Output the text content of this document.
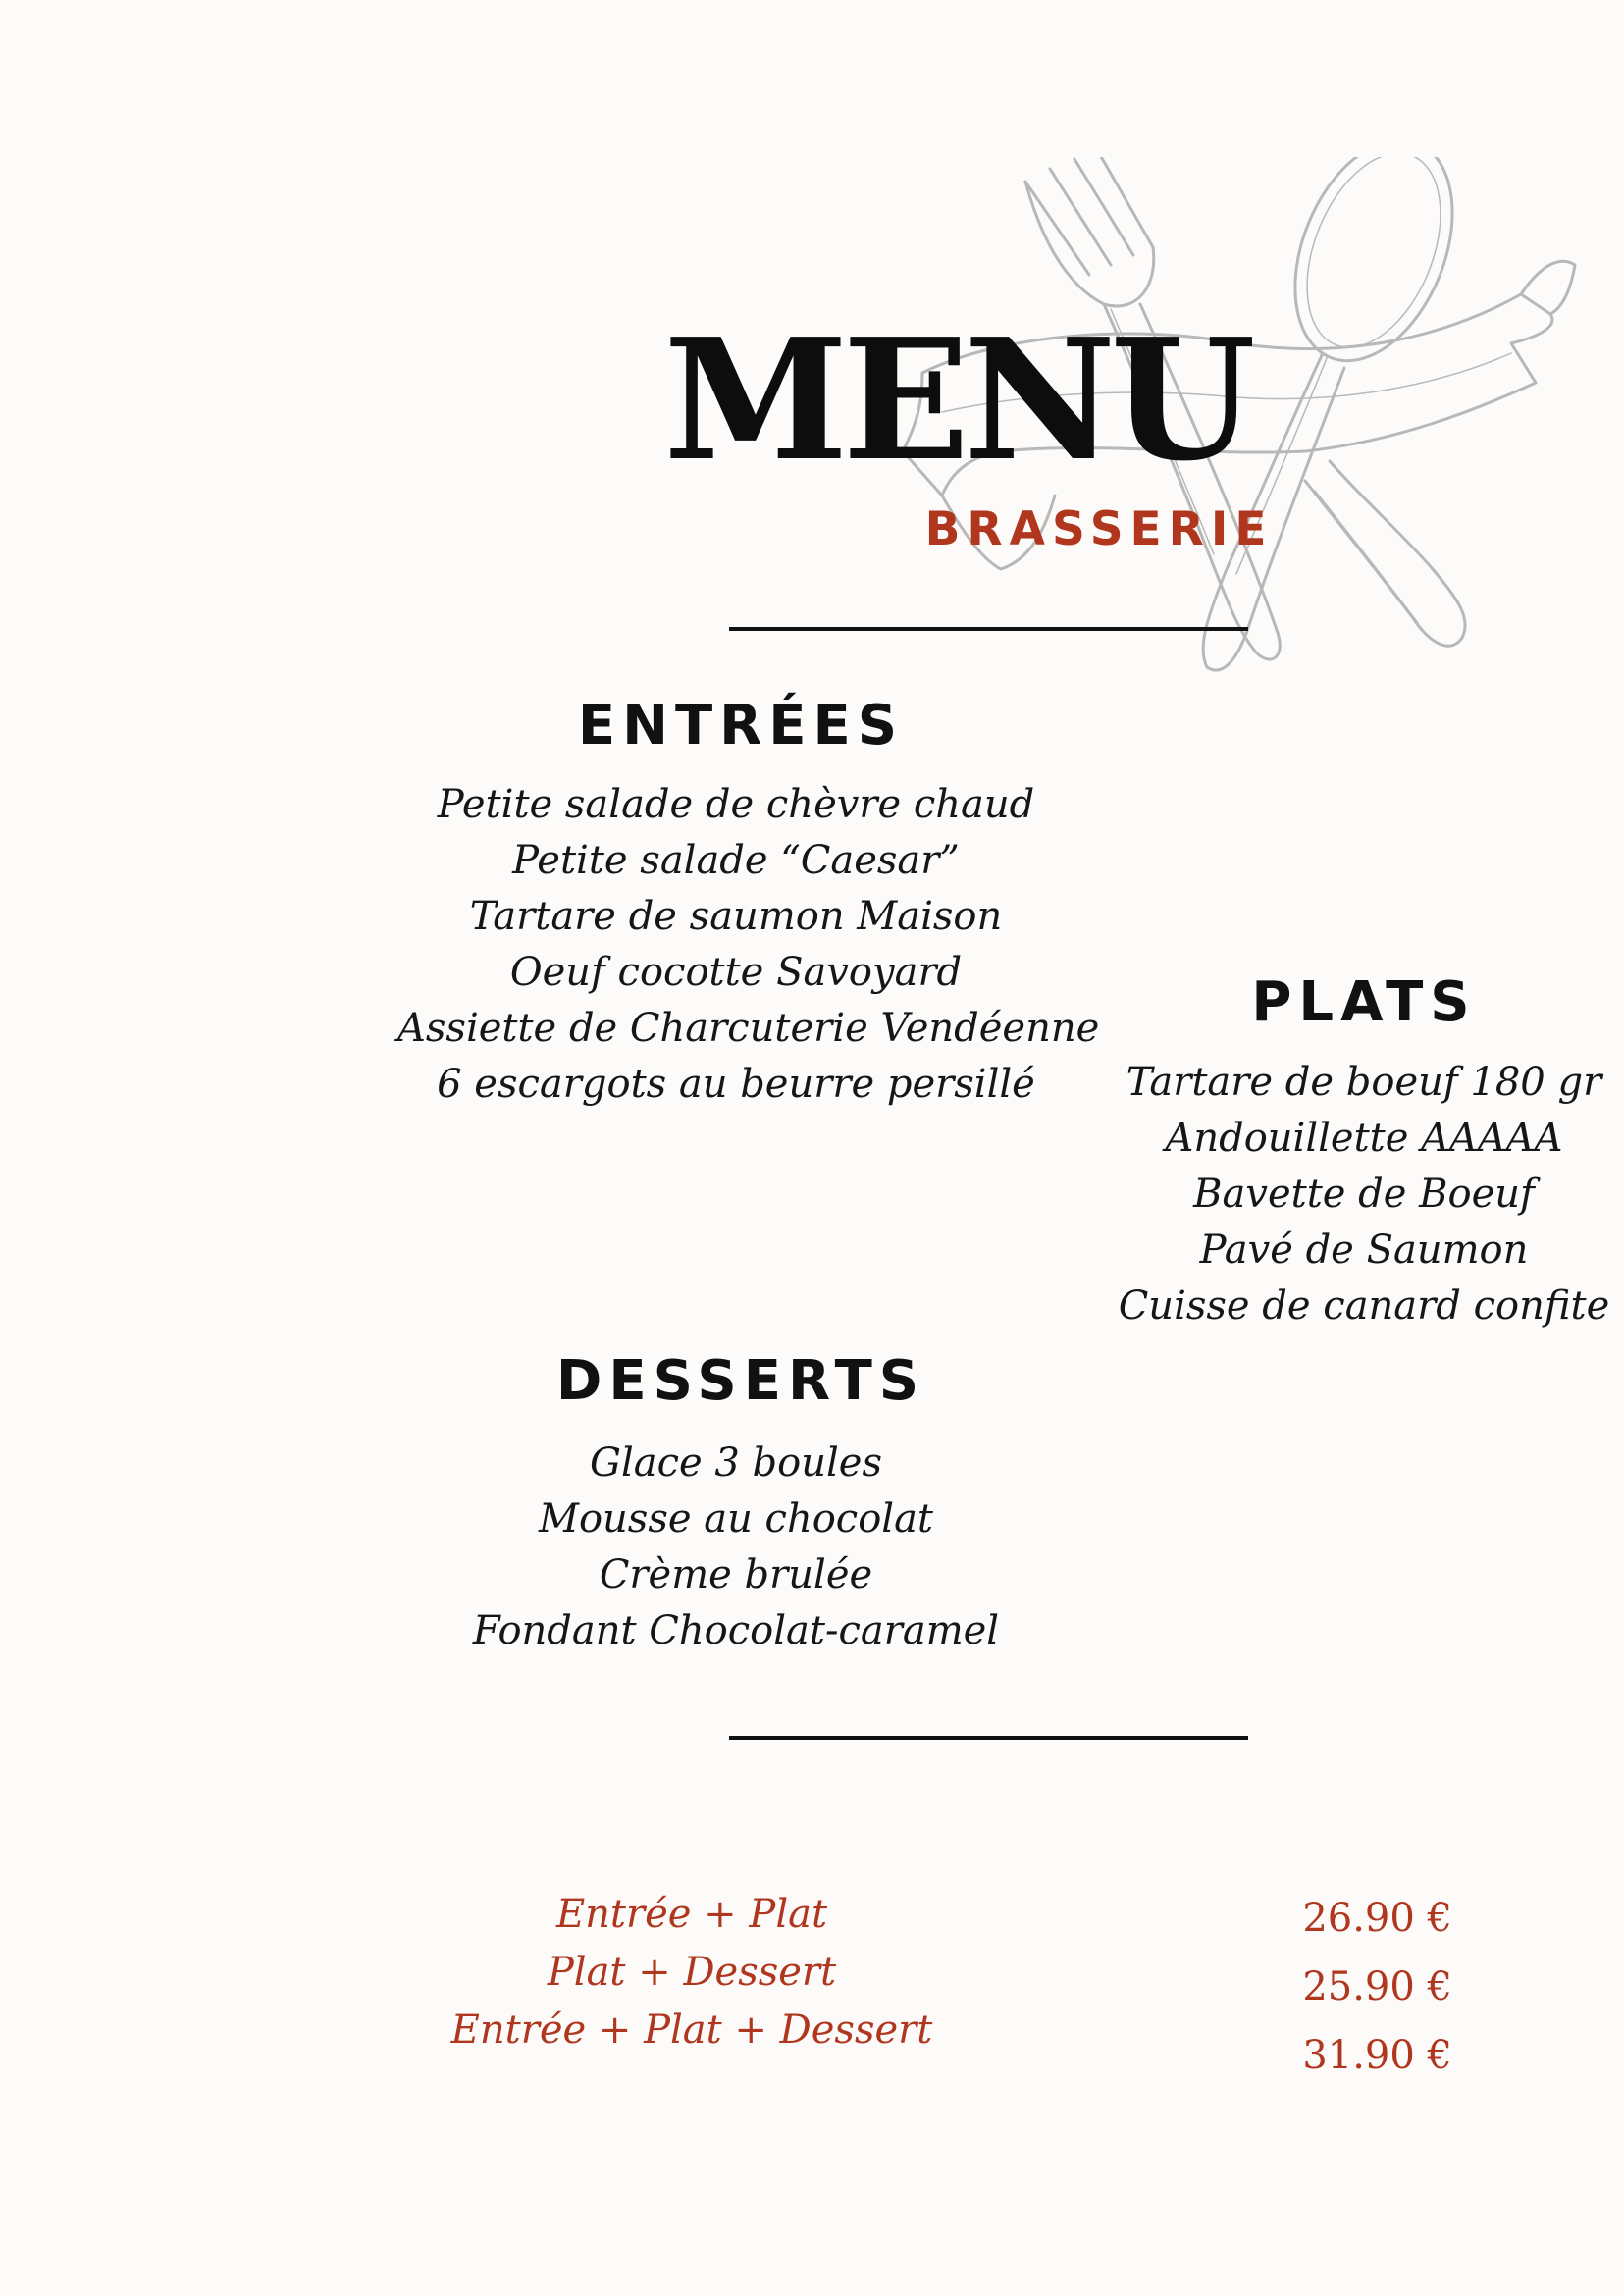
MENU
BRASSERIE
ENTRÉES
Petite salade de chèvre chaud
Petite salade “Caesar”
Tartare de saumon Maison
Oeuf cocotte Savoyard
Assiette de Charcuterie Vendéenne
6 escargots au beurre persillé
PLATS
Tartare de boeuf 180 gr
Andouillette AAAAA
Bavette de Boeuf
Pavé de Saumon
Cuisse de canard confite
DESSERTS
Glace 3 boules
Mousse au chocolat
Crème brulée
Fondant Chocolat-caramel
Entrée + Plat
Plat + Dessert
Entrée + Plat + Dessert
26.90 €
25.90 €
31.90 €
